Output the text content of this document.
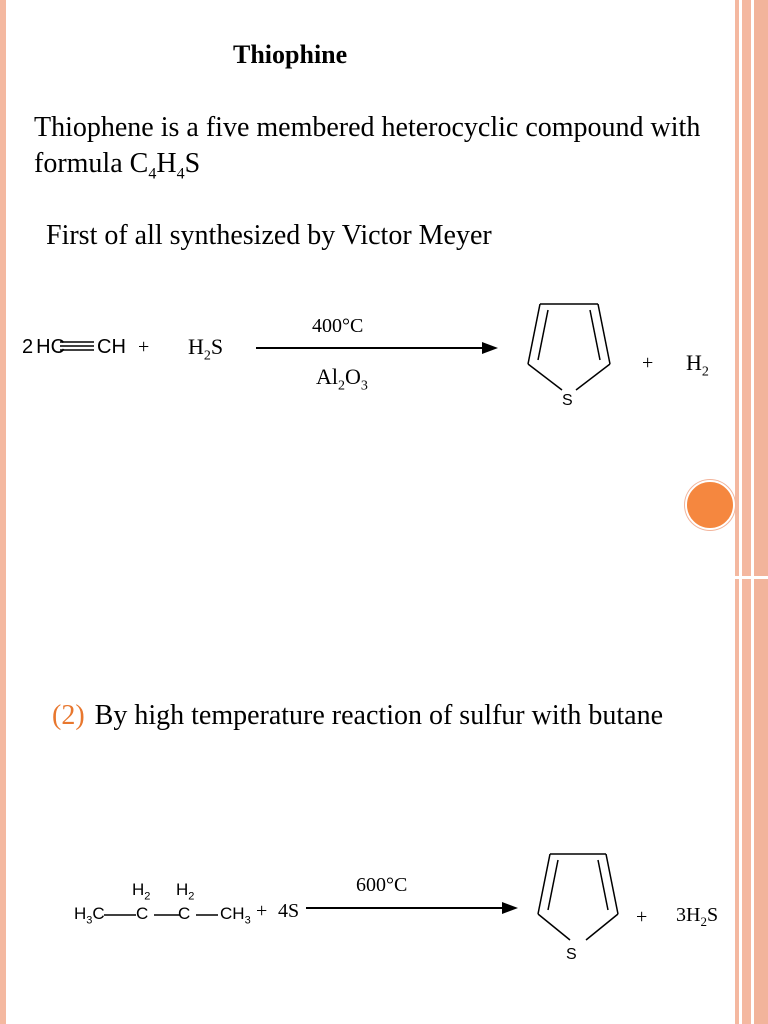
Thiophine
Thiophene is a five membered heterocyclic compound with formula $C_4H_4S$
First of all synthesized by Victor Meyer
2 HC CH + $H_2S$
400°C
$Al_2O_3$
S
+ $H_2$
(2) By high temperature reaction of sulfur with butane
$H_3C$
$H_2$
C
$H_2$
C $CH_3 + 4S$
600°C
S
+ $3H_2S$
